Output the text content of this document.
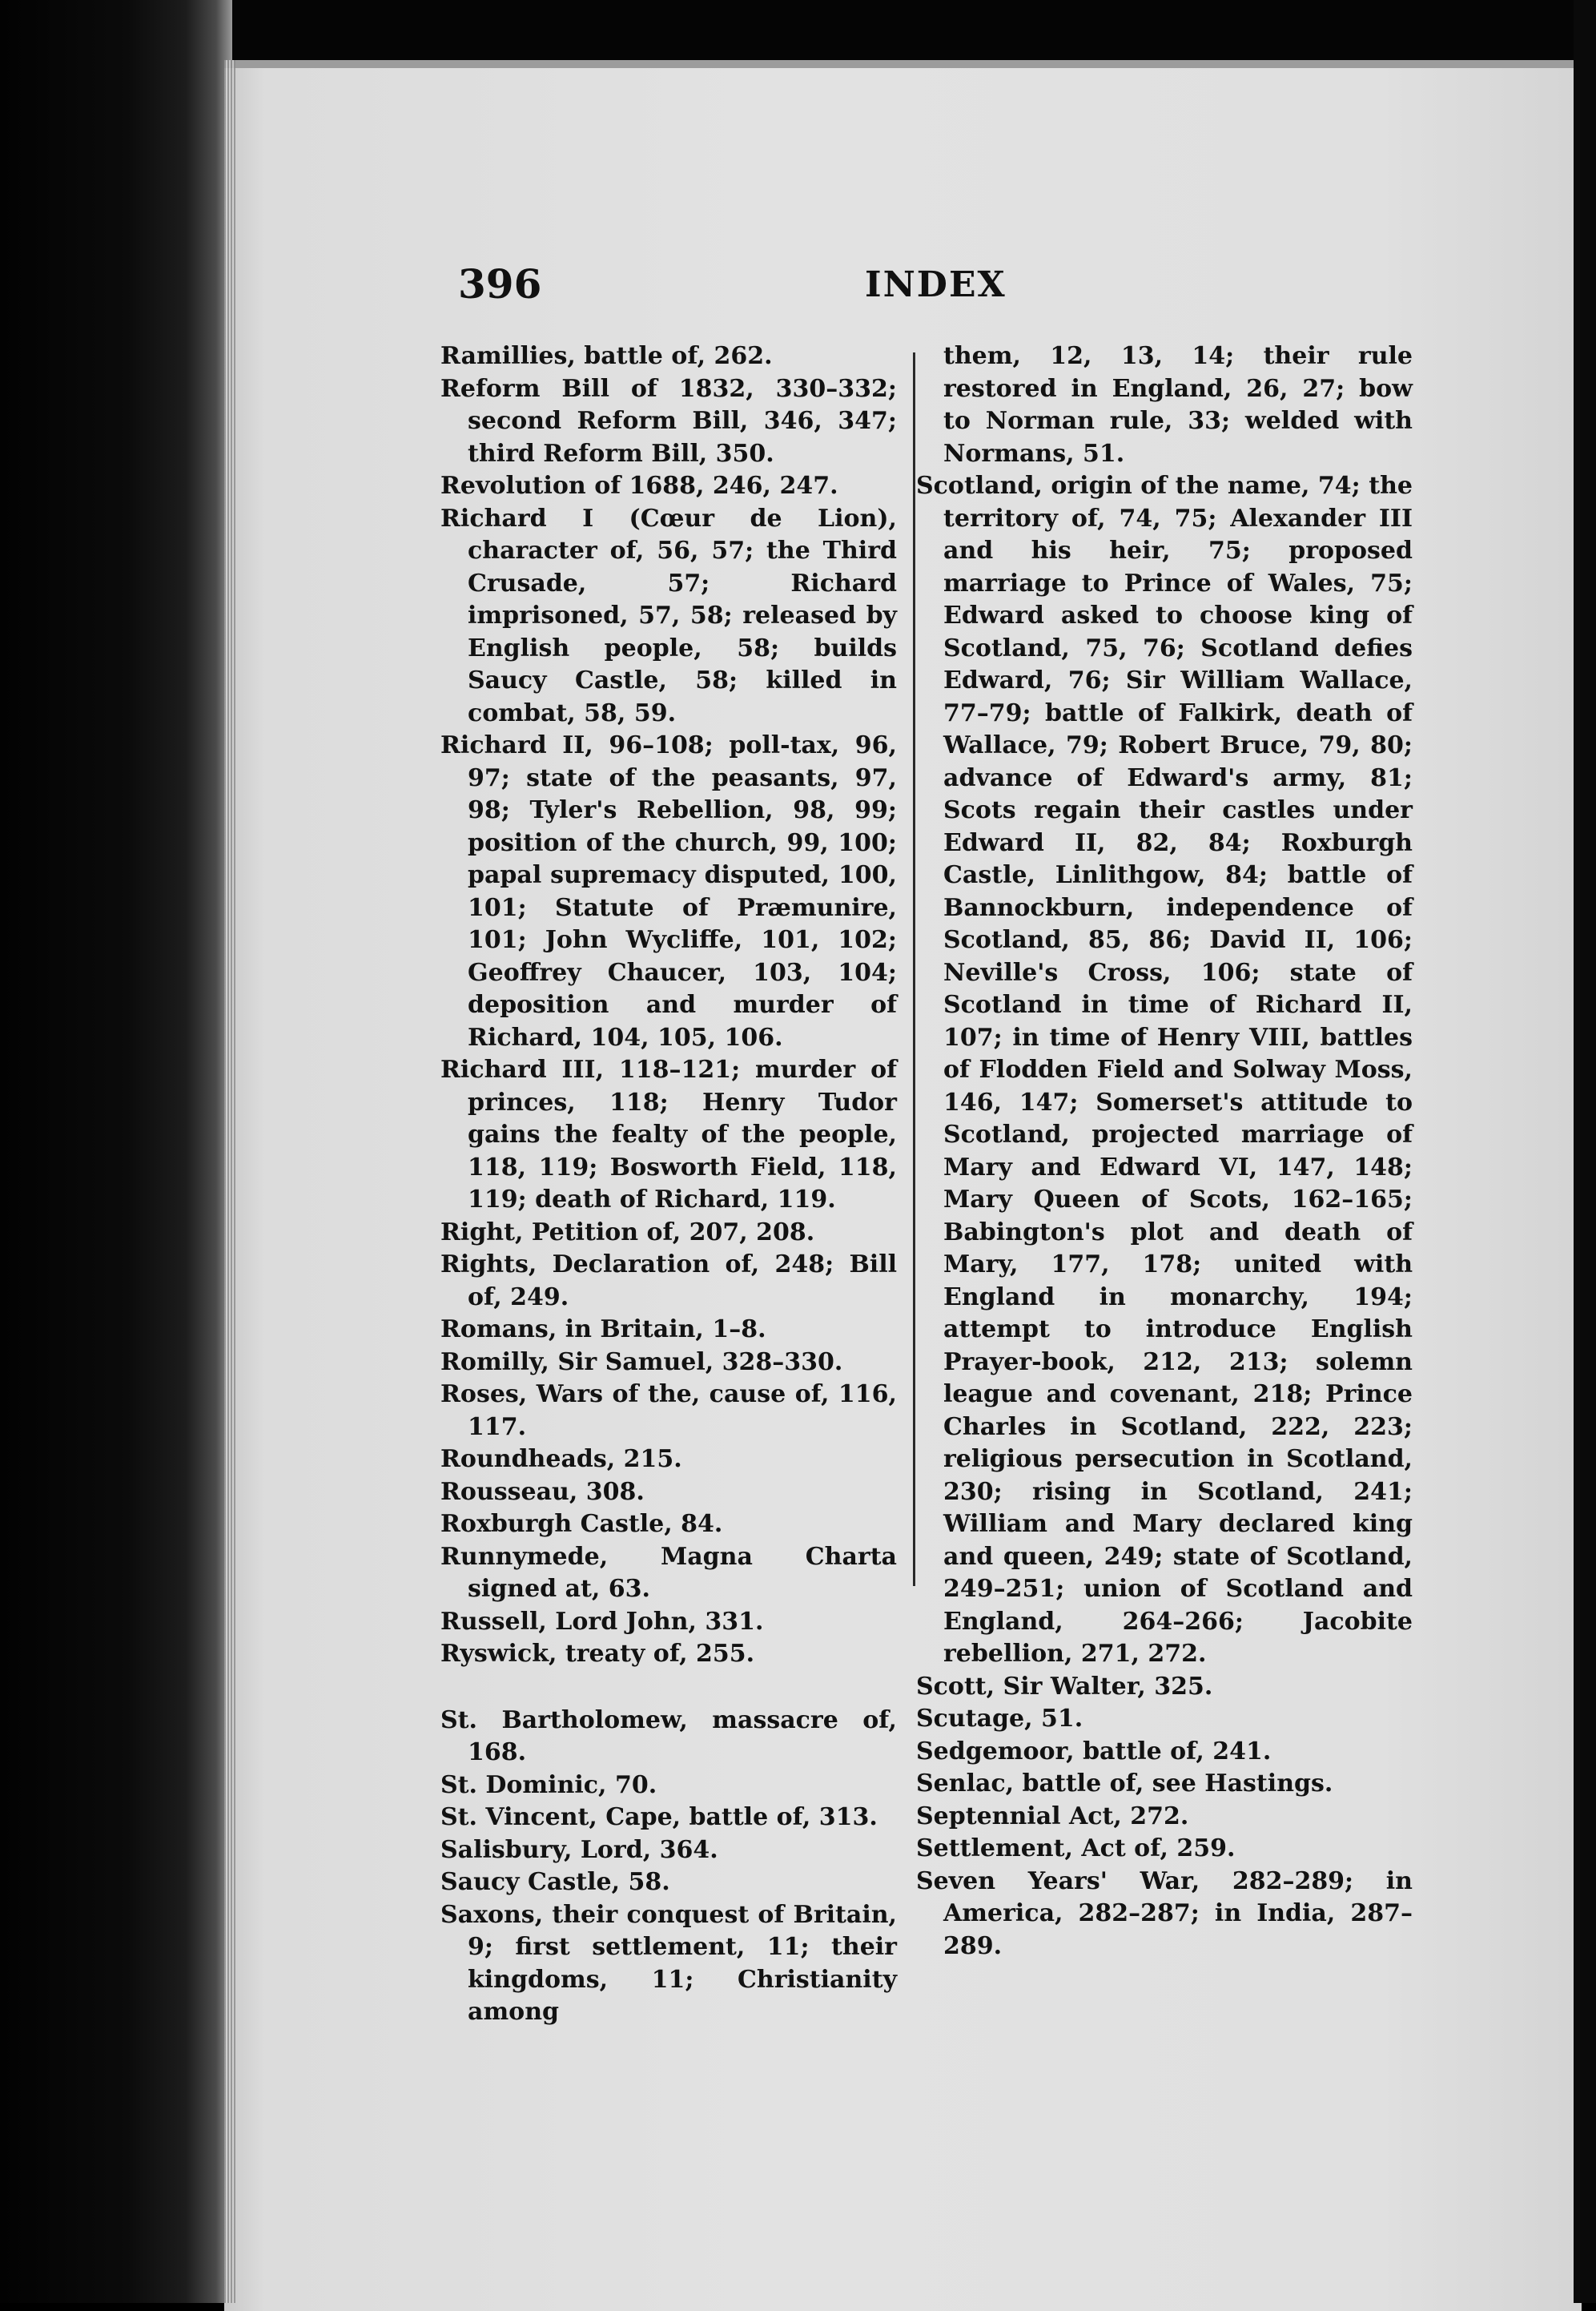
396	INDEX

Ramillies, battle of, 262.

Reform Bill of 1832, 330–332; second Reform Bill, 346, 347; third Reform Bill, 350.

Revolution of 1688, 246, 247.

Richard I (Cœur de Lion), character of, 56, 57; the Third Crusade, 57; Richard imprisoned, 57, 58; released by English people, 58; builds Saucy Castle, 58; killed in combat, 58, 59.

Richard II, 96–108; poll-tax, 96, 97; state of the peasants, 97, 98; Tyler's Rebellion, 98, 99; position of the church, 99, 100; papal supremacy disputed, 100, 101; Statute of Præmunire, 101; John Wycliffe, 101, 102; Geoffrey Chaucer, 103, 104; deposition and murder of Richard, 104, 105, 106.

Richard III, 118–121; murder of princes, 118; Henry Tudor gains the fealty of the people, 118, 119; Bosworth Field, 118, 119; death of Richard, 119.

Right, Petition of, 207, 208.

Rights, Declaration of, 248; Bill of, 249.

Romans, in Britain, 1–8.

Romilly, Sir Samuel, 328–330.

Roses, Wars of the, cause of, 116, 117.

Roundheads, 215.

Rousseau, 308.

Roxburgh Castle, 84.

Runnymede, Magna Charta signed at, 63.

Russell, Lord John, 331.

Ryswick, treaty of, 255.

St. Bartholomew, massacre of, 168.

St. Dominic, 70.

St. Vincent, Cape, battle of, 313.

Salisbury, Lord, 364.

Saucy Castle, 58.

Saxons, their conquest of Britain, 9; first settlement, 11; their kingdoms, 11; Christianity among

them, 12, 13, 14; their rule restored in England, 26, 27; bow to Norman rule, 33; welded with Normans, 51.

Scotland, origin of the name, 74; the territory of, 74, 75; Alexander III and his heir, 75; proposed marriage to Prince of Wales, 75; Edward asked to choose king of Scotland, 75, 76; Scotland defies Edward, 76; Sir William Wallace, 77–79; battle of Falkirk, death of Wallace, 79; Robert Bruce, 79, 80; advance of Edward's army, 81; Scots regain their castles under Edward II, 82, 84; Roxburgh Castle, Linlithgow, 84; battle of Bannockburn, independence of Scotland, 85, 86; David II, 106; Neville's Cross, 106; state of Scotland in time of Richard II, 107; in time of Henry VIII, battles of Flodden Field and Solway Moss, 146, 147; Somerset's attitude to Scotland, projected marriage of Mary and Edward VI, 147, 148; Mary Queen of Scots, 162–165; Babington's plot and death of Mary, 177, 178; united with England in monarchy, 194; attempt to introduce English Prayer-book, 212, 213; solemn league and covenant, 218; Prince Charles in Scotland, 222, 223; religious persecution in Scotland, 230; rising in Scotland, 241; William and Mary declared king and queen, 249; state of Scotland, 249–251; union of Scotland and England, 264–266; Jacobite rebellion, 271, 272.

Scott, Sir Walter, 325.

Scutage, 51.

Sedgemoor, battle of, 241.

Senlac, battle of, see Hastings.

Septennial Act, 272.

Settlement, Act of, 259.

Seven Years' War, 282–289; in America, 282–287; in India, 287–289.
